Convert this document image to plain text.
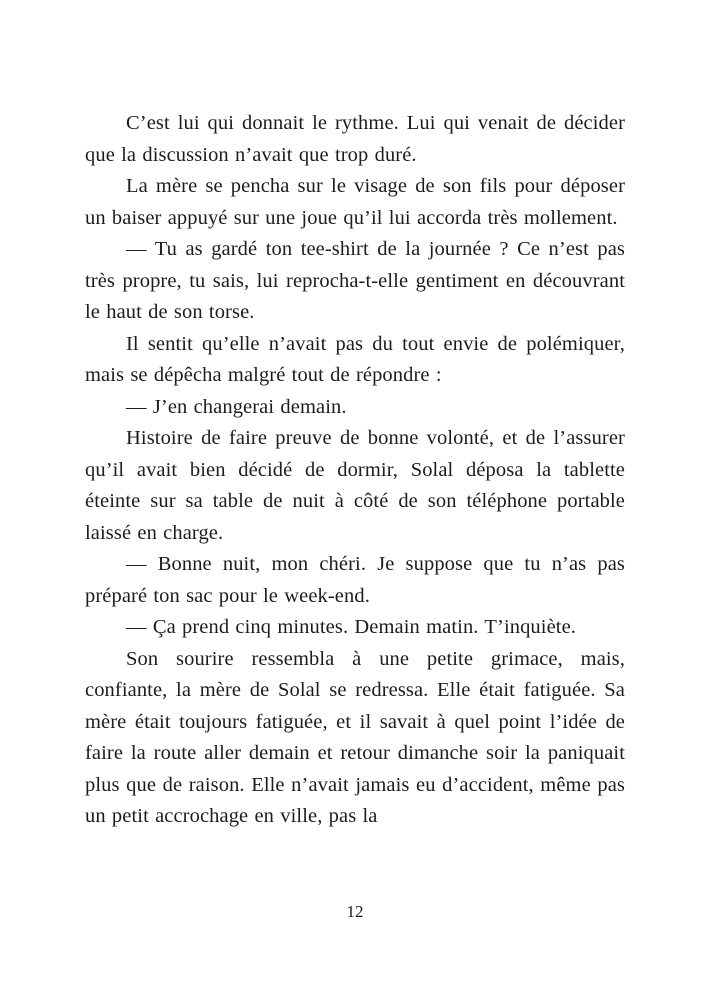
C’est lui qui donnait le rythme. Lui qui venait de décider que la discussion n’avait que trop duré.

La mère se pencha sur le visage de son fils pour déposer un baiser appuyé sur une joue qu’il lui accorda très mollement.

— Tu as gardé ton tee-shirt de la journée ? Ce n’est pas très propre, tu sais, lui reprocha-t-elle gentiment en découvrant le haut de son torse.

Il sentit qu’elle n’avait pas du tout envie de polémiquer, mais se dépêcha malgré tout de répondre :

— J’en changerai demain.

Histoire de faire preuve de bonne volonté, et de l’assurer qu’il avait bien décidé de dormir, Solal déposa la tablette éteinte sur sa table de nuit à côté de son téléphone portable laissé en charge.

— Bonne nuit, mon chéri. Je suppose que tu n’as pas préparé ton sac pour le week-end.

— Ça prend cinq minutes. Demain matin. T’inquiète.

Son sourire ressembla à une petite grimace, mais, confiante, la mère de Solal se redressa. Elle était fatiguée. Sa mère était toujours fatiguée, et il savait à quel point l’idée de faire la route aller demain et retour dimanche soir la paniquait plus que de raison. Elle n’avait jamais eu d’accident, même pas un petit accrochage en ville, pas la

12
